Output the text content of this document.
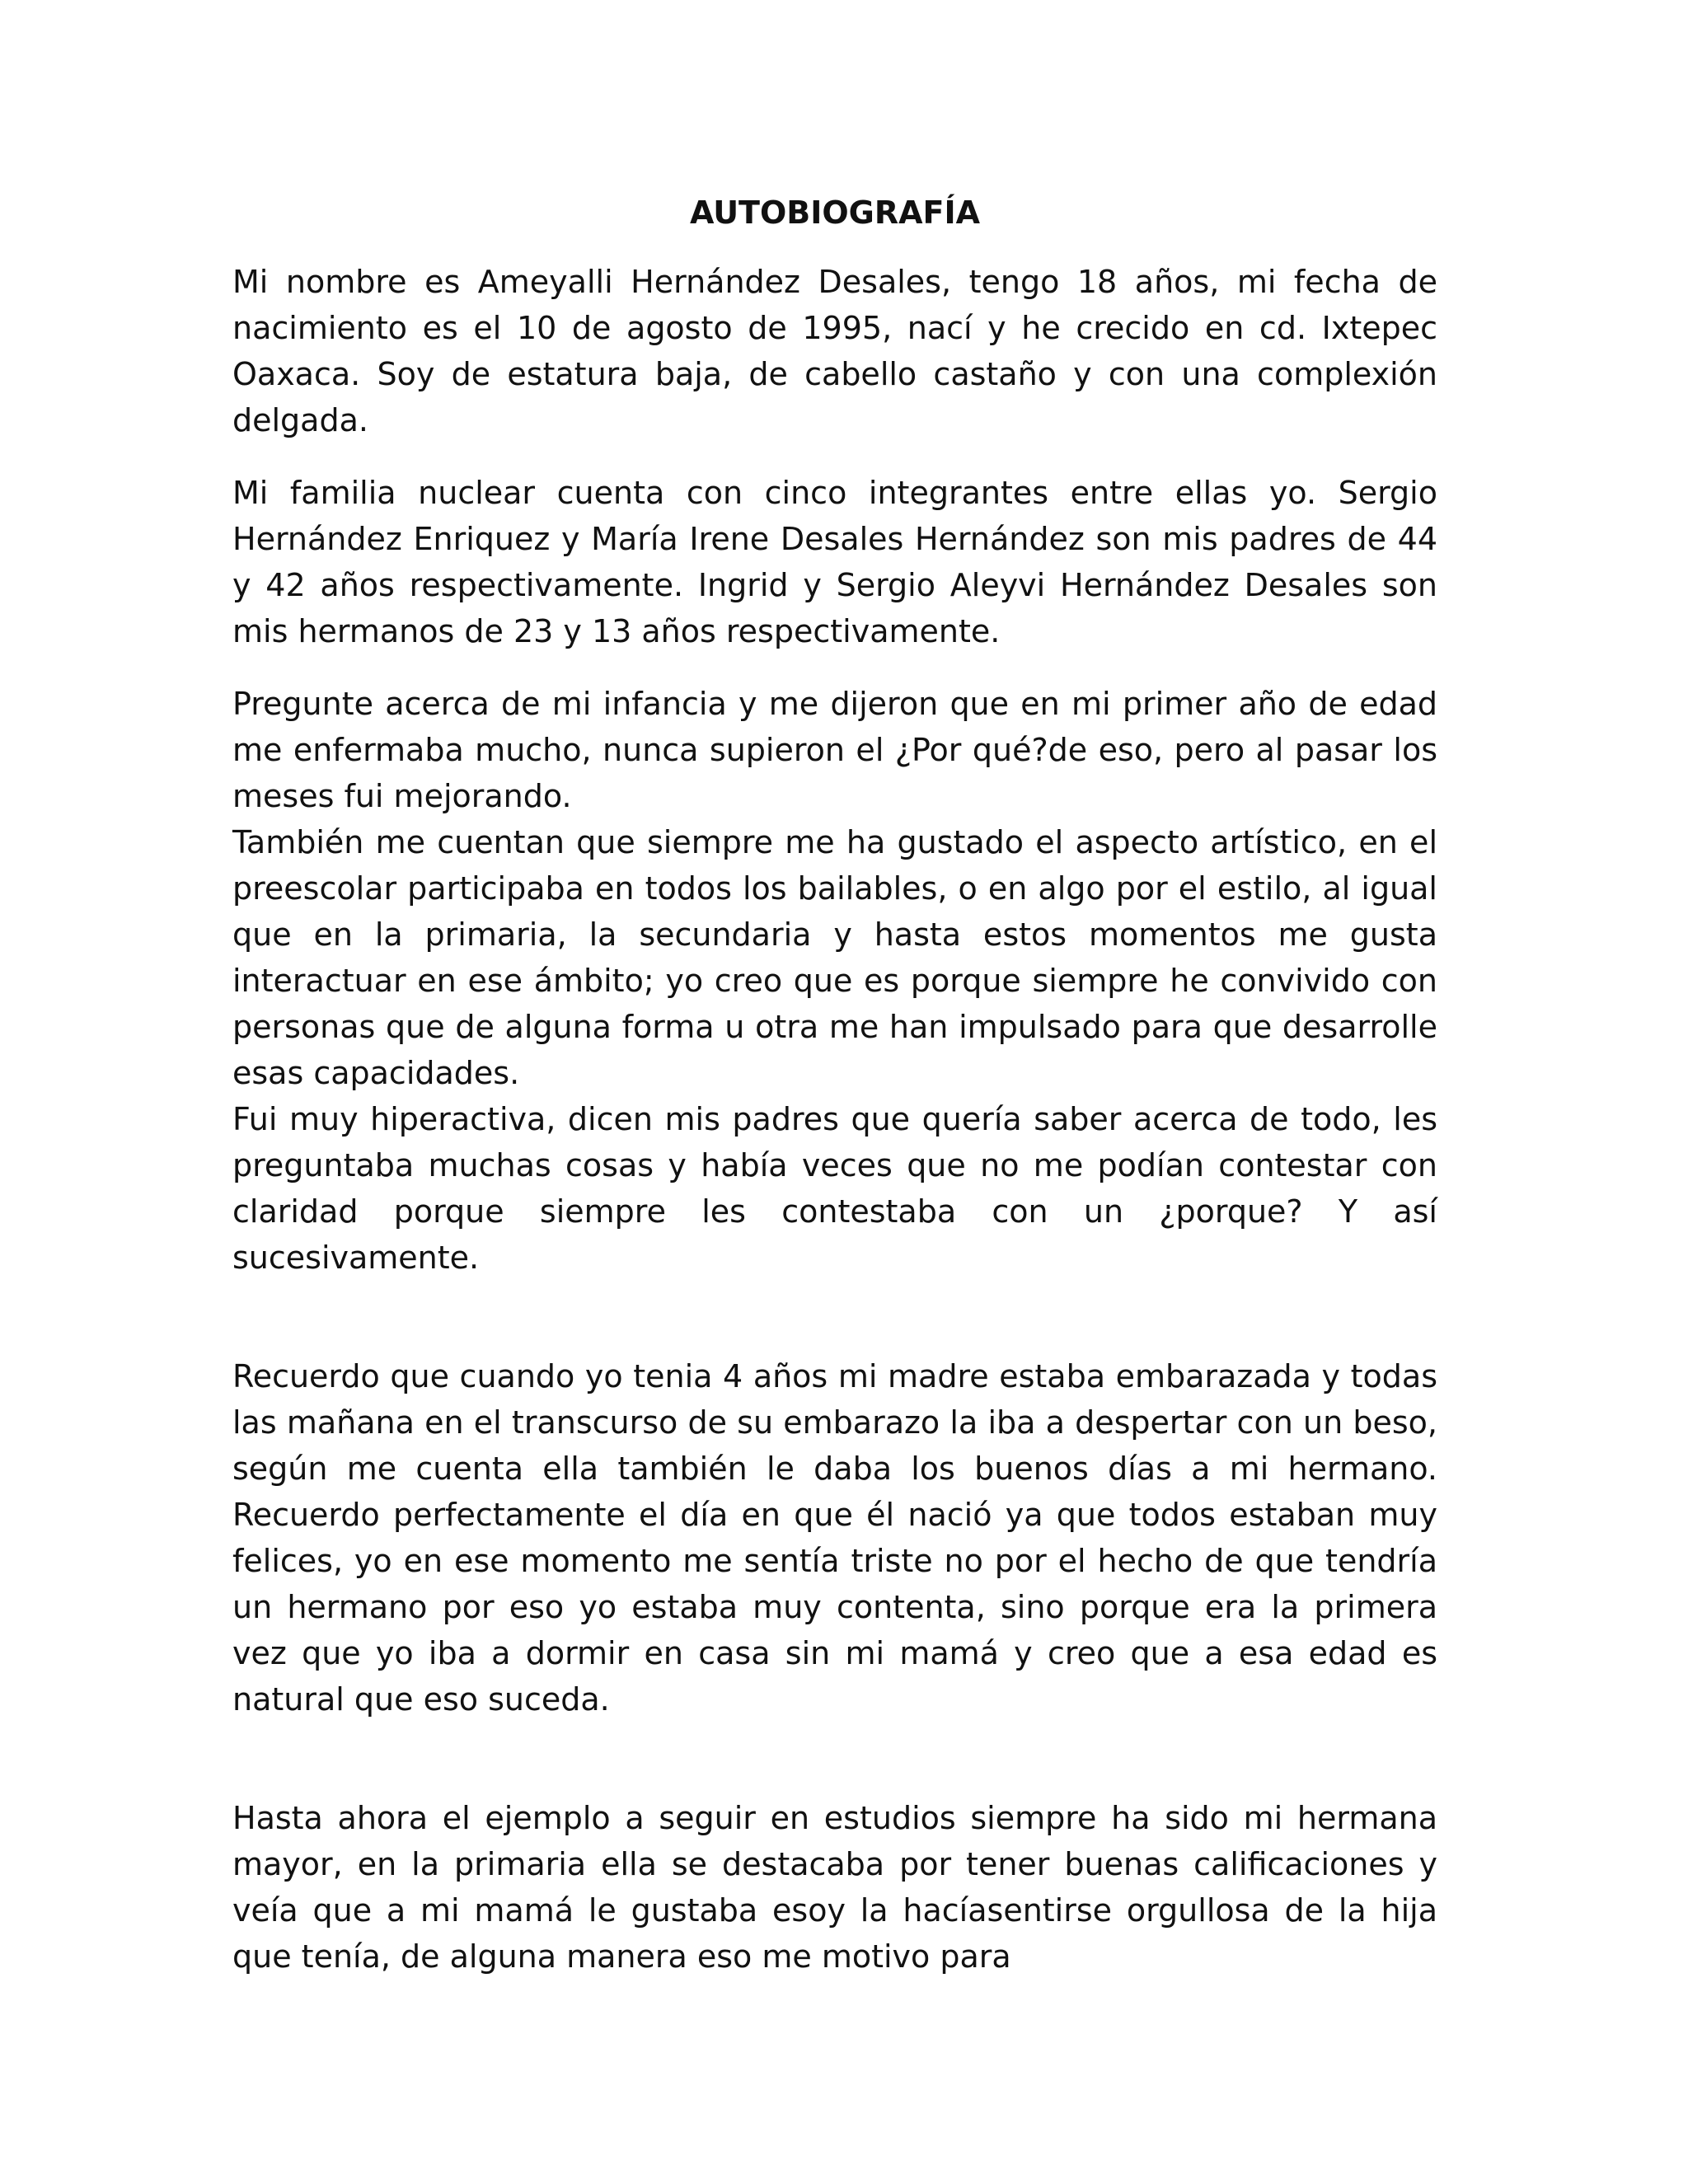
AUTOBIOGRAFÍA

Mi nombre es Ameyalli Hernández Desales, tengo 18 años, mi fecha de nacimiento es el 10 de agosto de 1995, nací y he crecido en cd. Ixtepec Oaxaca. Soy de estatura baja, de cabello castaño y con una complexión delgada.

Mi familia nuclear cuenta con cinco integrantes entre ellas yo. Sergio Hernández Enriquez y María Irene Desales Hernández son mis padres de 44 y 42 años respectivamente. Ingrid y Sergio Aleyvi Hernández Desales son mis hermanos de 23 y 13 años respectivamente.

Pregunte acerca de mi infancia y me dijeron que en mi primer año de edad me enfermaba mucho, nunca supieron el ¿Por qué?de eso, pero al pasar los meses fui mejorando.

También me cuentan que siempre me ha gustado el aspecto artístico, en el preescolar participaba en todos los bailables, o en algo por el estilo, al igual que en la primaria, la secundaria y hasta estos momentos me gusta interactuar en ese ámbito; yo creo que es porque siempre he convivido con personas que de alguna forma u otra me han impulsado para que desarrolle esas capacidades.

Fui muy hiperactiva, dicen mis padres que quería saber acerca de todo, les preguntaba muchas cosas y había veces que no me podían contestar con claridad porque siempre les contestaba con un ¿porque? Y así sucesivamente.

Recuerdo que cuando yo tenia 4 años mi madre estaba embarazada y todas las mañana en el transcurso de su embarazo la iba a despertar con un beso, según me cuenta ella también le daba los buenos días a mi hermano. Recuerdo perfectamente el día en que él nació ya que todos estaban muy felices, yo en ese momento me sentía triste no por el hecho de que tendría un hermano por eso yo estaba muy contenta, sino porque era la primera vez que yo iba a dormir en casa sin mi mamá y creo que a esa edad es natural que eso suceda.

Hasta ahora el ejemplo a seguir en estudios siempre ha sido mi hermana mayor, en la primaria ella se destacaba por tener buenas calificaciones y veía que a mi mamá le gustaba esoy la hacíasentirse orgullosa de la hija que tenía, de alguna manera eso me motivo para
